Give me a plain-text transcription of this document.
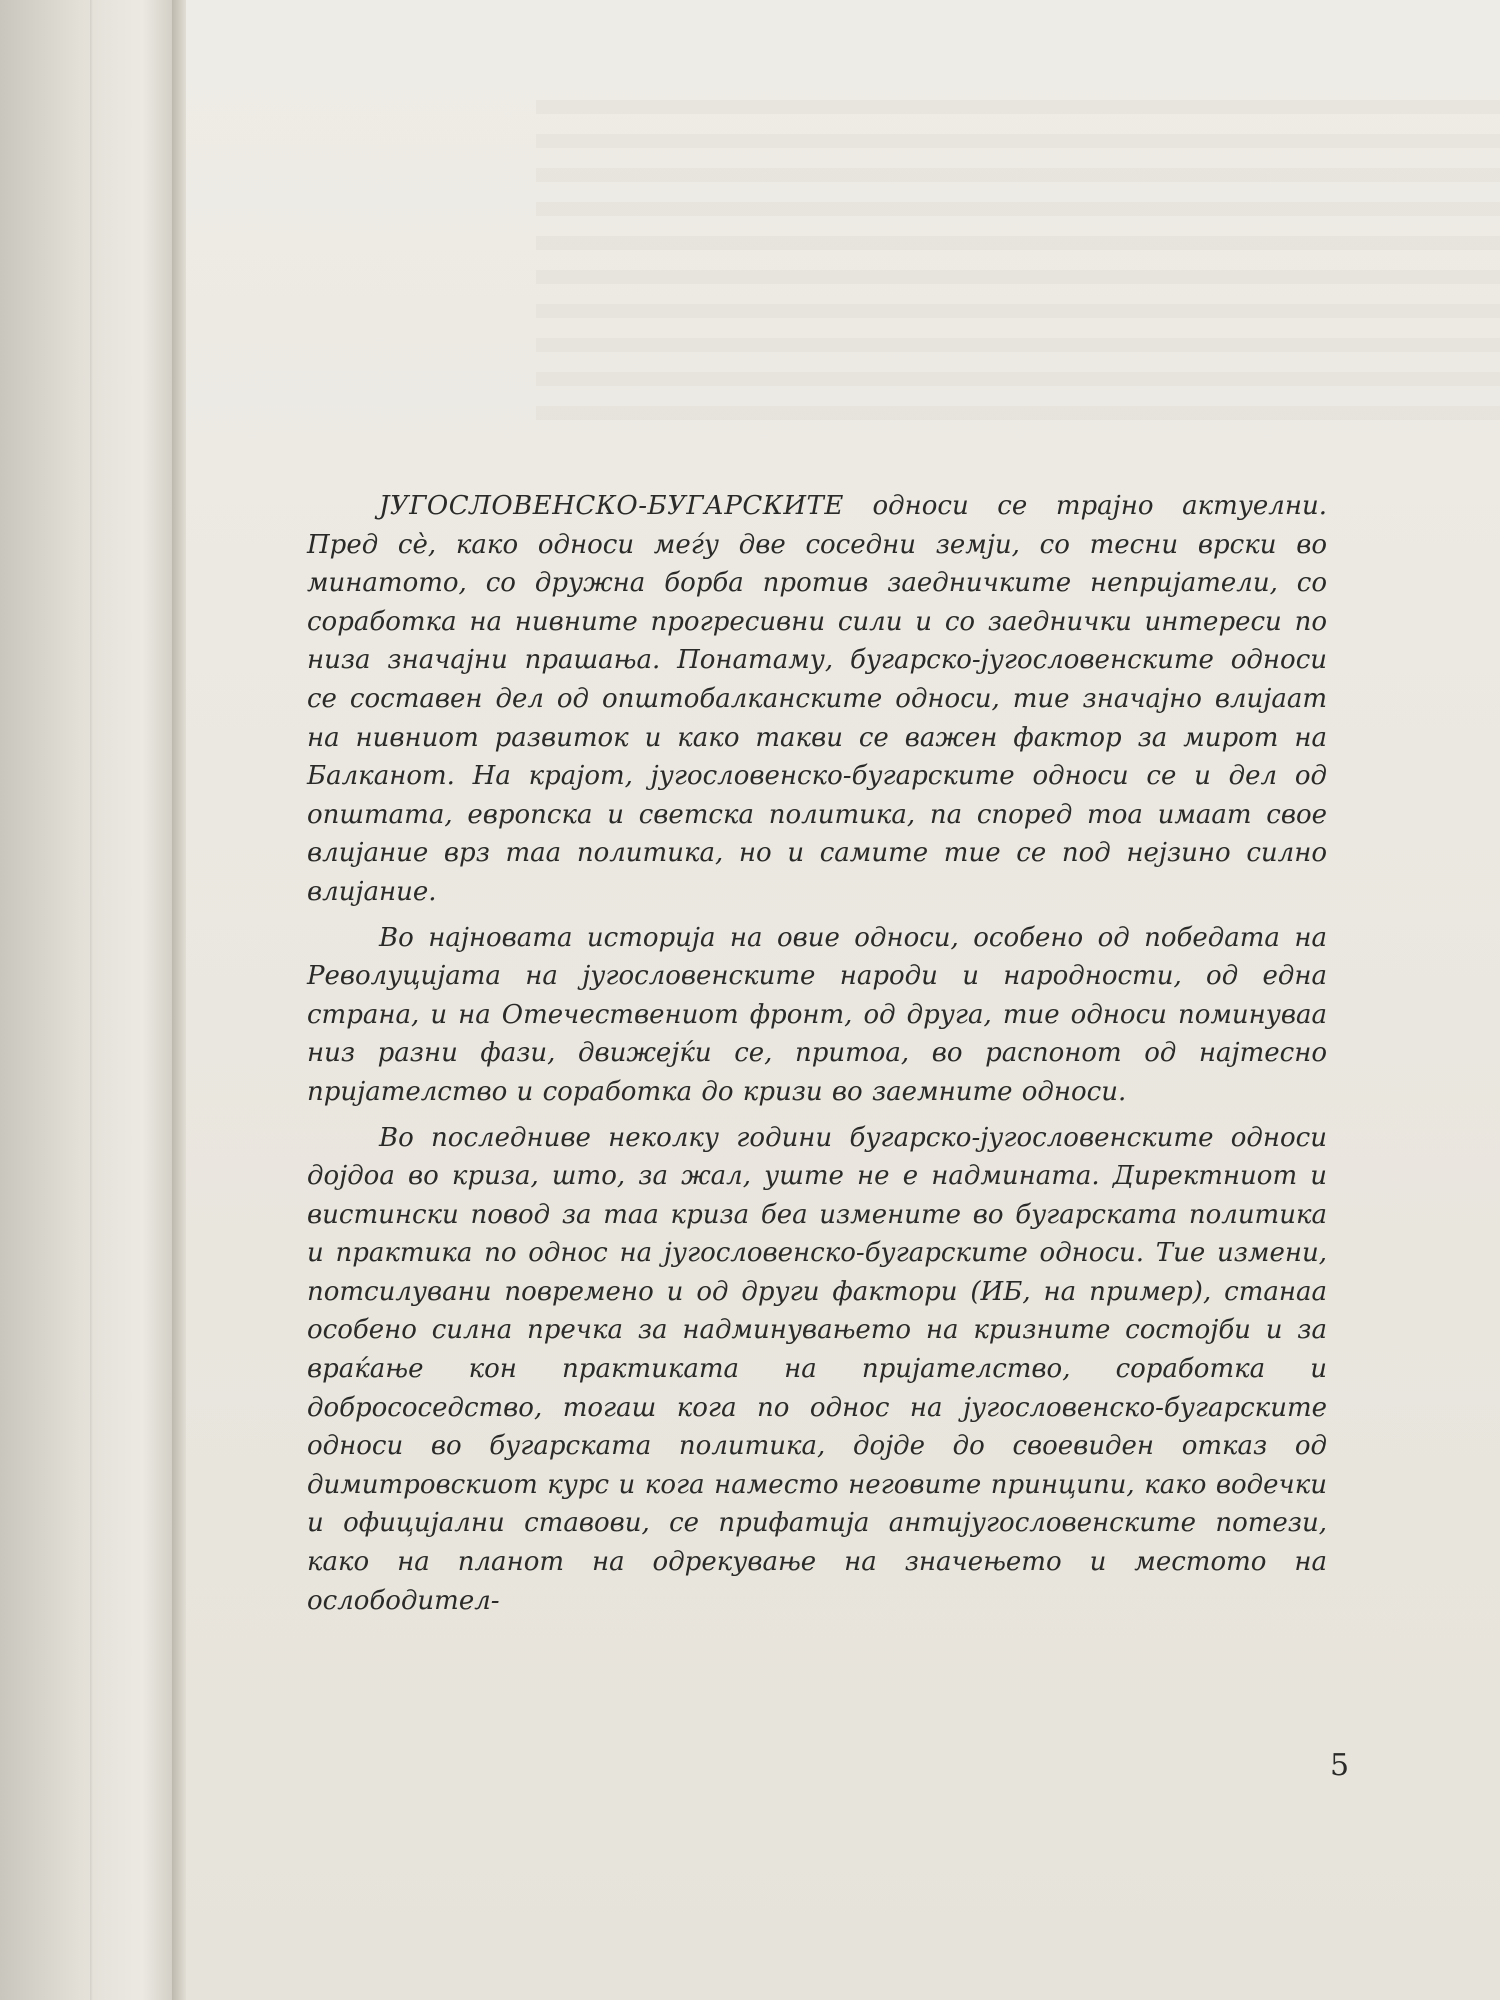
ЈУГОСЛОВЕНСКО-БУГАРСКИТЕ односи се трајно актуелни. Пред сѐ, како односи меѓу две соседни земји, со тесни врски во минатото, со дружна борба против заедничките непријатели, со соработка на нивните прогресивни сили и со заеднички интереси по низа значајни прашања. Понатаму, бугарско-југословенските односи се составен дел од општобалканските односи, тие значајно влијаат на нивниот развиток и како такви се важен фактор за мирот на Балканот. На крајот, југословенско-бугарските односи се и дел од општата, европска и светска политика, па според тоа имаат свое влијание врз таа политика, но и самите тие се под нејзино силно влијание.

Во најновата историја на овие односи, особено од победата на Револуцијата на југословенските народи и народности, од една страна, и на Отечествениот фронт, од друга, тие односи поминуваа низ разни фази, движејќи се, притоа, во распонот од најтесно пријателство и соработка до кризи во заемните односи.

Во последниве неколку години бугарско-југословенските односи дојдоа во криза, што, за жал, уште не е надмината. Директниот и вистински повод за таа криза беа измените во бугарската политика и практика по однос на југословенско-бугарските односи. Тие измени, потсилувани повремено и од други фактори (ИБ, на пример), станаа особено силна пречка за надминувањето на кризните состојби и за враќање кон практиката на пријателство, соработка и добрососедство, тогаш кога по однос на југословенско-бугарските односи во бугарската политика, дојде до своевиден отказ од димитровскиот курс и кога наместо неговите принципи, како водечки и официјални ставови, се прифатија антијугословенските потези, како на планот на одрекување на значењето и местото на ослободител-

5
